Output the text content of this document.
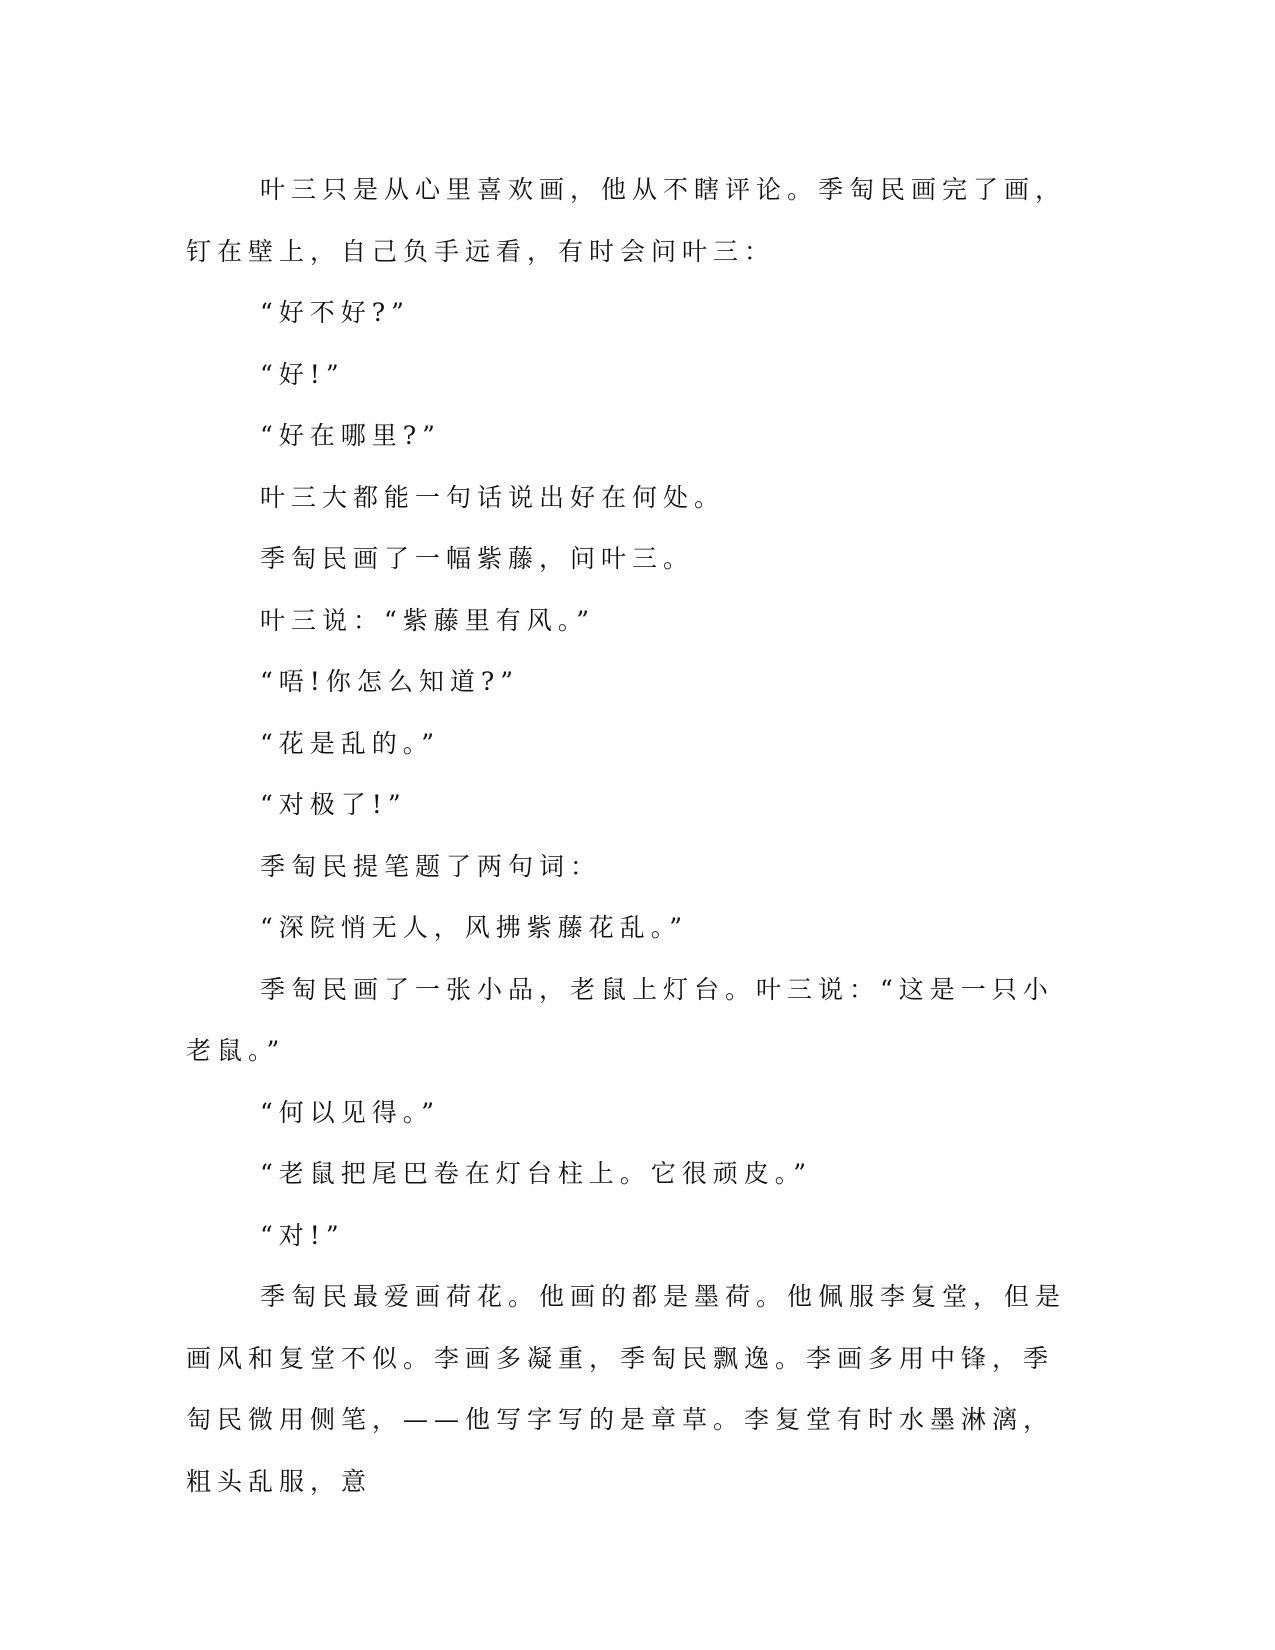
叶三只是从心里喜欢画，他从不瞎评论。季匋民画完了画，钉在壁上，自己负手远看，有时会问叶三：

“好不好?”

“好!”

“好在哪里?”

叶三大都能一句话说出好在何处。

季匋民画了一幅紫藤，问叶三。

叶三说：“紫藤里有风。”

“唔!你怎么知道?”

“花是乱的。”

“对极了!”

季匋民提笔题了两句词：

“深院悄无人，风拂紫藤花乱。”

季匋民画了一张小品，老鼠上灯台。叶三说：“这是一只小老鼠。”

“何以见得。”

“老鼠把尾巴卷在灯台柱上。它很顽皮。”

“对!”

季匋民最爱画荷花。他画的都是墨荷。他佩服李复堂，但是画风和复堂不似。李画多凝重，季匋民飘逸。李画多用中锋，季匋民微用侧笔，——他写字写的是章草。李复堂有时水墨淋漓，粗头乱服，意
